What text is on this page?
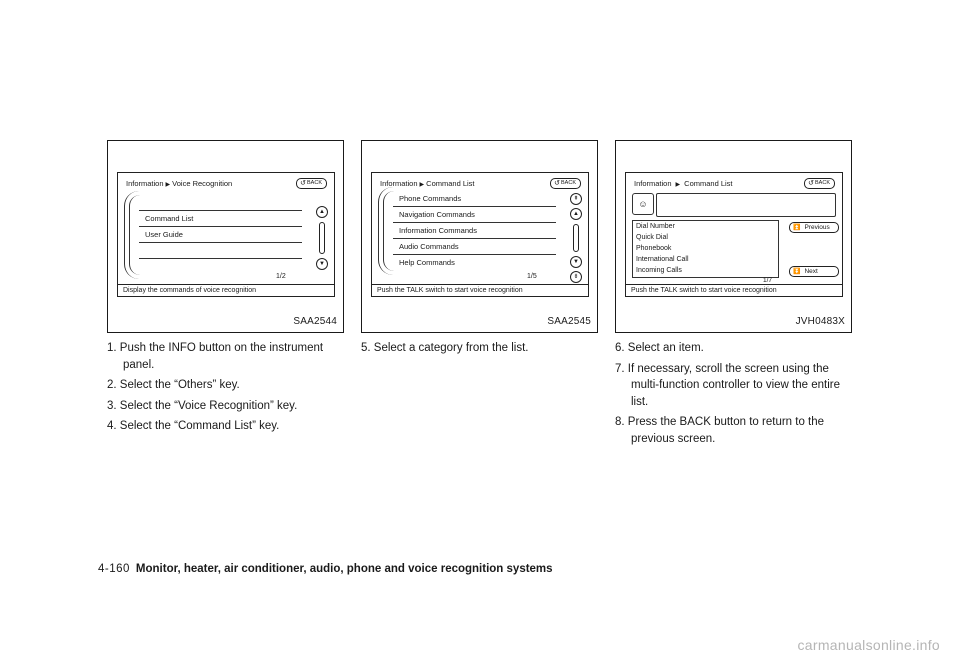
Information ▶ Voice Recognition	↺ BACK
Command List
User Guide
▲
▼
1/2
Display the commands of voice recognition
SAA2544
Information ▶ Command List	↺ BACK
Phone Commands
Navigation Commands
Information Commands
Audio Commands
Help Commands
⇞
▲
▼
⇟
1/5
Push the TALK switch to start voice recognition
SAA2545
Information ▶ Command List	↺ BACK
☺
Dial Number
Quick Dial
Phonebook
International Call
Incoming Calls
⏫ Previous
⏬ Next
1/7
Push the TALK switch to start voice recognition
JVH0483X

1. Push the INFO button on the instrument panel.

2. Select the “Others” key.

3. Select the “Voice Recognition” key.

4. Select the “Command List” key.

5. Select a category from the list.	6. Select an item.

7. If necessary, scroll the screen using the multi-function controller to view the entire list.

8. Press the BACK button to return to the previous screen.

4-160 Monitor, heater, air conditioner, audio, phone and voice recognition systems
carmanualsonline.info
